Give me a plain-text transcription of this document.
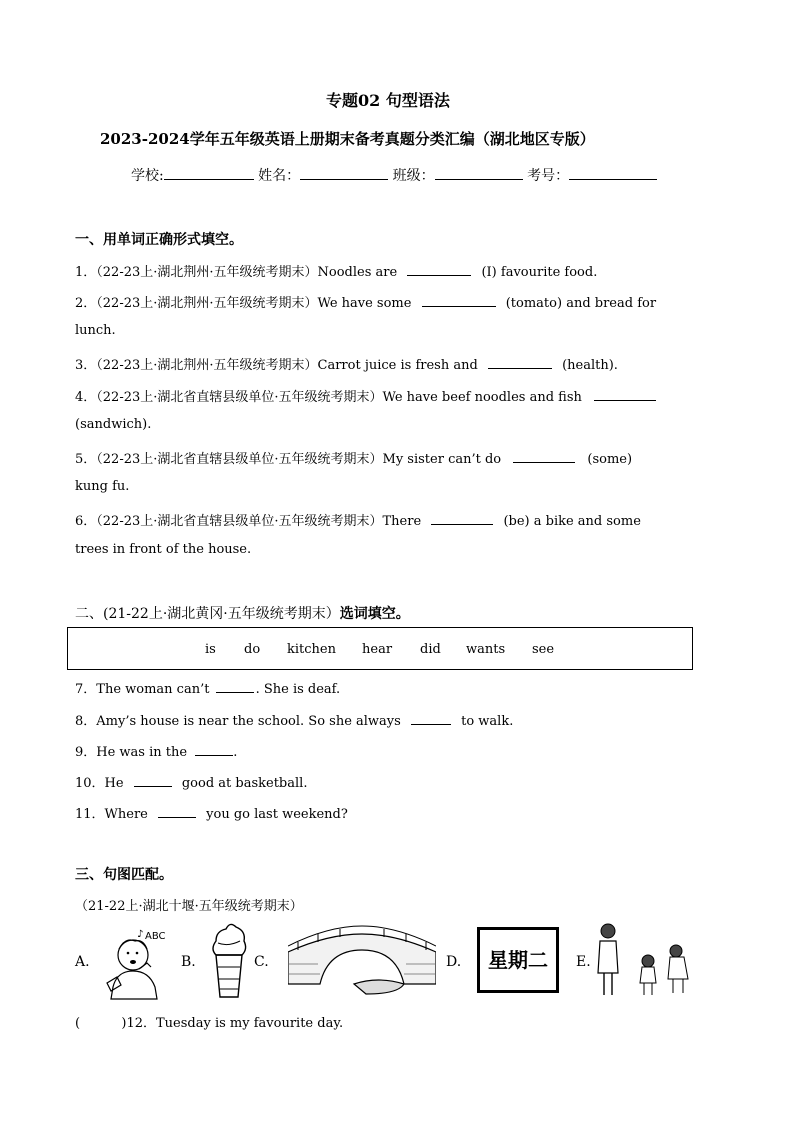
专题02 句型语法
2023-2024学年五年级英语上册期末备考真题分类汇编（湖北地区专版）
学校:	姓名：	班级：	考号：
一、用单词正确形式填空。
1．（22-23上·湖北荆州·五年级统考期末）Noodles are	(I) favourite food.
2．（22-23上·湖北荆州·五年级统考期末）We have some	(tomato) and bread for
lunch.
3．（22-23上·湖北荆州·五年级统考期末）Carrot juice is fresh and	(health).
4．（22-23上·湖北省直辖县级单位·五年级统考期末）We have beef noodles and fish
(sandwich).
5．（22-23上·湖北省直辖县级单位·五年级统考期末）My sister can’t do	(some)
kung fu.
6．（22-23上·湖北省直辖县级单位·五年级统考期末）There	(be) a bike and some
trees in front of the house.
二、(21-22上·湖北黄冈·五年级统考期末）选词填空。
is do kitchen hear did wants see
7．The woman can’t	. She is deaf.
8．Amy’s house is near the school. So she always	to walk.
9．He was in the	.
10．He	good at basketball.
11．Where	you go last weekend?
三、句图匹配。
（21-22上·湖北十堰·五年级统考期末）
A.	B.	C.	D.	E.
ABC
♪
星期二
(          )12．Tuesday is my favourite day.
